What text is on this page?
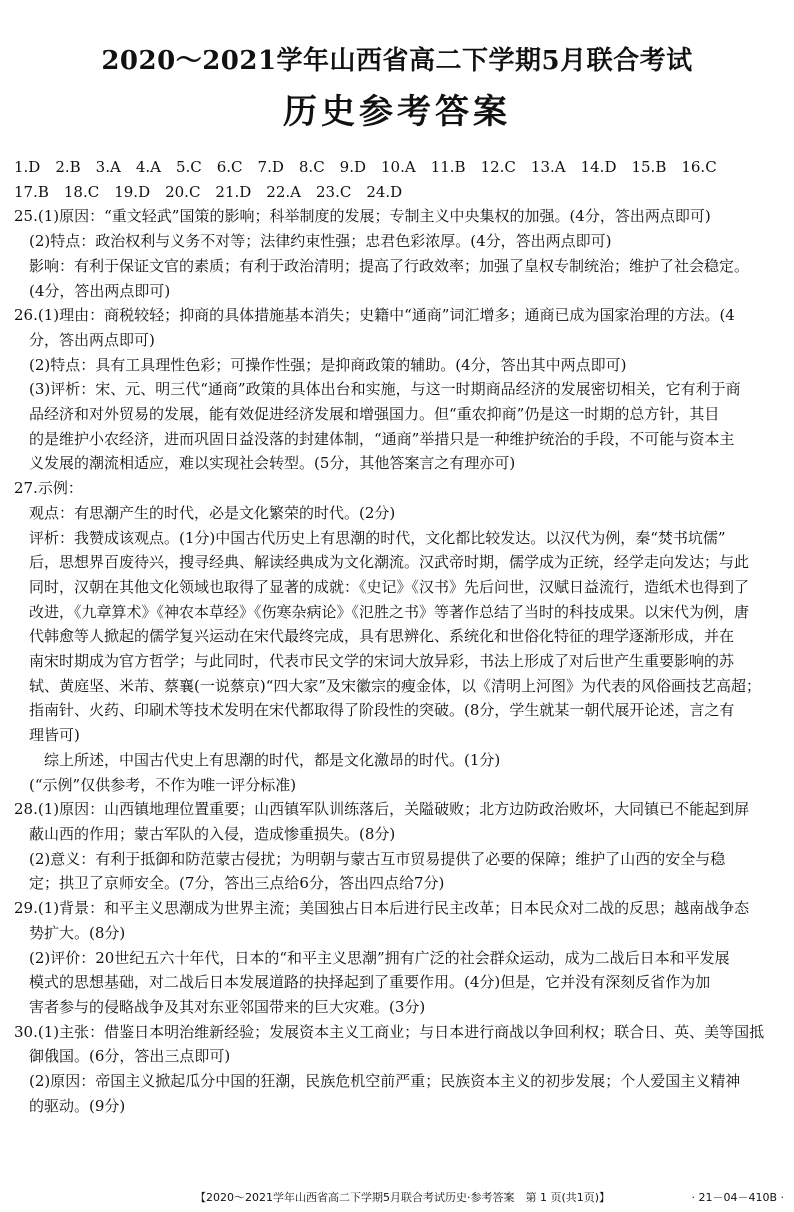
2020～2021学年山西省高二下学期5月联合考试
历史参考答案
1.D　2.B　3.A　4.A　5.C　6.C　7.D　8.C　9.D　10.A　11.B　12.C　13.A　14.D　15.B　16.C
17.B　18.C　19.D　20.C　21.D　22.A　23.C　24.D
25.(1)原因：“重文轻武”国策的影响；科举制度的发展；专制主义中央集权的加强。(4分，答出两点即可)
　(2)特点：政治权利与义务不对等；法律约束性强；忠君色彩浓厚。(4分，答出两点即可)
　影响：有利于保证文官的素质；有利于政治清明；提高了行政效率；加强了皇权专制统治；维护了社会稳定。
　(4分，答出两点即可)
26.(1)理由：商税较轻；抑商的具体措施基本消失；史籍中“通商”词汇增多；通商已成为国家治理的方法。(4
　分，答出两点即可)
　(2)特点：具有工具理性色彩；可操作性强；是抑商政策的辅助。(4分，答出其中两点即可)
　(3)评析：宋、元、明三代“通商”政策的具体出台和实施，与这一时期商品经济的发展密切相关，它有利于商
　品经济和对外贸易的发展，能有效促进经济发展和增强国力。但“重农抑商”仍是这一时期的总方针，其目
　的是维护小农经济，进而巩固日益没落的封建体制，“通商”举措只是一种维护统治的手段，不可能与资本主
　义发展的潮流相适应，难以实现社会转型。(5分，其他答案言之有理亦可)
27.示例：
　观点：有思潮产生的时代，必是文化繁荣的时代。(2分)
　评析：我赞成该观点。(1分)中国古代历史上有思潮的时代，文化都比较发达。以汉代为例，秦“焚书坑儒”
　后，思想界百废待兴，搜寻经典、解读经典成为文化潮流。汉武帝时期，儒学成为正统，经学走向发达；与此
　同时，汉朝在其他文化领域也取得了显著的成就：《史记》《汉书》先后问世，汉赋日益流行，造纸术也得到了
　改进，《九章算术》《神农本草经》《伤寒杂病论》《氾胜之书》等著作总结了当时的科技成果。以宋代为例，唐
　代韩愈等人掀起的儒学复兴运动在宋代最终完成，具有思辨化、系统化和世俗化特征的理学逐渐形成，并在
　南宋时期成为官方哲学；与此同时，代表市民文学的宋词大放异彩，书法上形成了对后世产生重要影响的苏
　轼、黄庭坚、米芾、蔡襄(一说蔡京)“四大家”及宋徽宗的瘦金体，以《清明上河图》为代表的风俗画技艺高超；
　指南针、火药、印刷术等技术发明在宋代都取得了阶段性的突破。(8分，学生就某一朝代展开论述，言之有
　理皆可)
　　综上所述，中国古代史上有思潮的时代，都是文化激昂的时代。(1分)
　(“示例”仅供参考，不作为唯一评分标准)
28.(1)原因：山西镇地理位置重要；山西镇军队训练落后，关隘破败；北方边防政治败坏，大同镇已不能起到屏
　蔽山西的作用；蒙古军队的入侵，造成惨重损失。(8分)
　(2)意义：有利于抵御和防范蒙古侵扰；为明朝与蒙古互市贸易提供了必要的保障；维护了山西的安全与稳
　定；拱卫了京师安全。(7分，答出三点给6分，答出四点给7分)
29.(1)背景：和平主义思潮成为世界主流；美国独占日本后进行民主改革；日本民众对二战的反思；越南战争态
　势扩大。(8分)
　(2)评价：20世纪五六十年代，日本的“和平主义思潮”拥有广泛的社会群众运动，成为二战后日本和平发展
　模式的思想基础，对二战后日本发展道路的抉择起到了重要作用。(4分)但是，它并没有深刻反省作为加
　害者参与的侵略战争及其对东亚邻国带来的巨大灾难。(3分)
30.(1)主张：借鉴日本明治维新经验；发展资本主义工商业；与日本进行商战以争回利权；联合日、英、美等国抵
　御俄国。(6分，答出三点即可)
　(2)原因：帝国主义掀起瓜分中国的狂潮，民族危机空前严重；民族资本主义的初步发展；个人爱国主义精神
　的驱动。(9分)
【2020～2021学年山西省高二下学期5月联合考试历史·参考答案　第 1 页(共1页)】	· 21－04－410B ·
